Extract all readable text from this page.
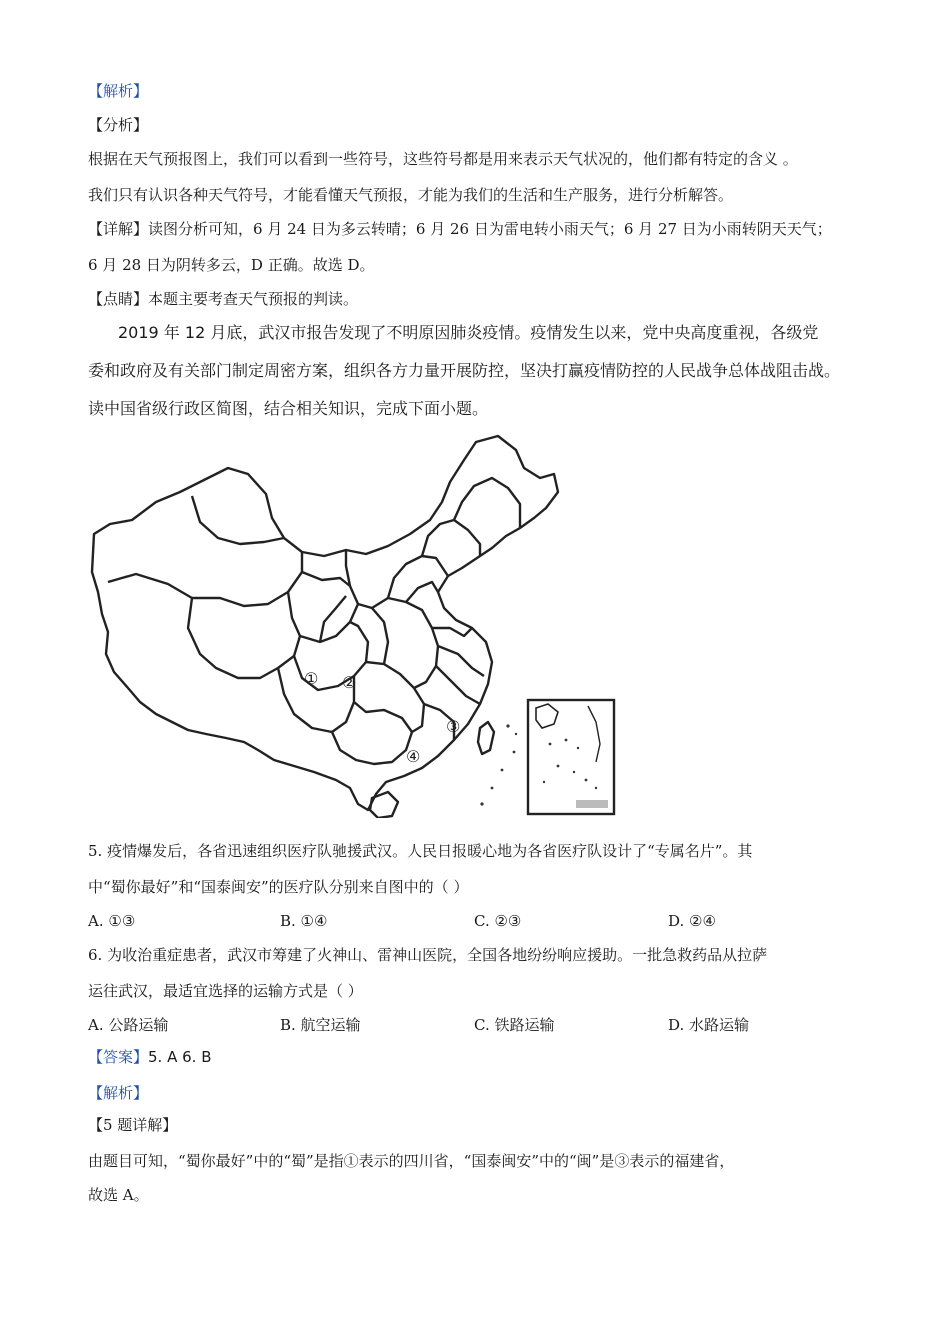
【解析】
【分析】
根据在天气预报图上，我们可以看到一些符号，这些符号都是用来表示天气状况的，他们都有特定的含义 。
我们只有认识各种天气符号，才能看懂天气预报，才能为我们的生活和生产服务，进行分析解答。
【详解】读图分析可知，6 月 24 日为多云转晴；6 月 26 日为雷电转小雨天气；6 月 27 日为小雨转阴天天气；
6 月 28 日为阴转多云，D 正确。故选 D。
【点睛】本题主要考查天气预报的判读。
2019 年 12 月底，武汉市报告发现了不明原因肺炎疫情。疫情发生以来，党中央高度重视，各级党
委和政府及有关部门制定周密方案，组织各方力量开展防控，坚决打赢疫情防控的人民战争总体战阻击战。
读中国省级行政区简图，结合相关知识，完成下面小题。
① ②
③
④
5. 疫情爆发后，各省迅速组织医疗队驰援武汉。人民日报暖心地为各省医疗队设计了“专属名片”。其
中“蜀你最好”和“国泰闽安”的医疗队分别来自图中的（ ）
A. ①③	B. ①④	C. ②③	D. ②④
6. 为收治重症患者，武汉市筹建了火神山、雷神山医院，全国各地纷纷响应援助。一批急救药品从拉萨
运往武汉，最适宜选择的运输方式是（ ）
A. 公路运输	B. 航空运输	C. 铁路运输	D. 水路运输
【答案】5. A 6. B
【解析】
【5 题详解】
由题目可知，“蜀你最好”中的“蜀”是指①表示的四川省，“国泰闽安”中的“闽”是③表示的福建省，
故选 A。
